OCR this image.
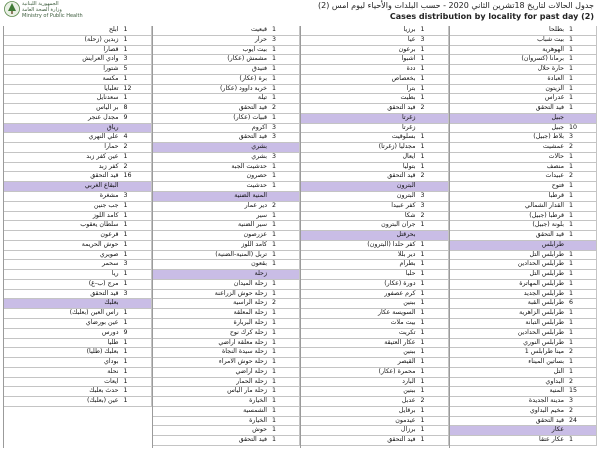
الجمهورية اللبنانية
وزارة الصحة العامة
Ministry of Public Health
جدول الحالات لتاريخ 18تشرين الثاني 2020 - حسب البلدات والأحياء ليوم امس (2)
Cases distribution by locality for past day (2)
بطلحا 1
بيت شباب 1
الهوهرية 1
برمانا (كسروان) 1
حارة حلال 1
العبادة 1
الزيتون 1
غدراس 1
فيد التحقق 1
جبيل
جبيل 10
بلاط (جبيل) 3
عمشيت 2
حالات 1
منصف 1
عبيدات 2
فتوح 1
قرطبا 1
القدار الشمالي 1
قرطبا (جبيل) 1
بلونة (جبيل) 1
قيد التحقق 1
طرابلس
طرابلس التل 1
طرابلس الحدادين 1
طرابلس التل 1
طرابلس المهاترة 1
طرابلس الجديد 1
طرابلس القبة 6
طرابلس الزاهرية 1
طرابلس التبانة 1
طرابلس الحدادين 1
طرابلس النوري 1
مينا طرابلس 1 2
بساتين الميناء 1
التل 1
البداوي 2
المنية 15
مدينة الجديدة 3
مخيم البداوي 2
قيد التحقق 24
عكار
عكار عتقا 1
برزيا 1
عيا 3
برعون 1
اشبوا 1
ددة 1
بخعصاص 1
بترا 1
بطيت 1
فيد التحقق 2
زغرتا
زغرتا
بسلوقيت 1
مجدليا (زغرتا) 1
ايعال 1
بتوليا 1
قيد التحقق 2
البترون
البترون 3
كفر عبيدا 3
شكا 2
جران البترون 1
بحرقتل
كفر حلدا (البترون) 1
دير بللا 1
بطرام 1
حلبا 1
دورة (عكار) 1
كرم عصفور 1
ببنين 1
السويسة عكار 1
بيت ملات 1
تكريت 1
عكار العتيقة 1
ببنين 1
القيصر 1
محمرة (عكار) 1
البارد 1
ببنين 1
عدبل 2
برقايل 1
عيدمون 1
برزال 1
فيد التحقق 1
قبعيت 1
حرار 3
بيت أيوب 1
مشمش (عكار) 1
فنيدق 1
برة (عكار) 1
خربة داوود (عكار) 1
تيلة 1
فيد التحقق 2
قبيات (عكار) 1
اكروم 3
فيد التحقق 3
بشري
بشري 3
حدشيت الجبة 1
حصرون 1
حدشيت 1
المنية الضنية
دير عمار 2
سير 1
سير الضنية 1
عزرصون 1
كامد اللوز 1
تربل (المنية-الضنية) 1
بقعون 1
زحلة
زحلة الميدان 1
زحلة حوش الزراعنة 1
زحلة الراسية 2
زحلة المعلقة 1
زحلة البربارة 1
زحلة كرك نوح 1
زحلة معلقة أراضي 1
زحلة سيدة النجاة 1
زحلة حوش الامراء 1
زحلة أراضي 1
زحلة الحمار 1
زحلة مار الياس 1
الخيارة 1
الشمسية 1
الخيارة 1
حوش 1
فيد التحقق 1
ابلح 1
زبدين (زحلة) 1
قصارا 1
وادي العرايش 3
شتورا 5
مكسة 1
تعلبايا 12
سعدنايل 1
بر الياس 8
مجدل عنجر 9
رياق
علي النهري 4
حمارا 2
عين كفر زبد 1
كفر زبد 2
قيد التحقق 16
البقاع الغربي
مشغرة 3
جب جنين 1
كامد اللوز 1
سلطان يعقوب 1
قرعون 1
حوش الحريمة 1
صويري 1
سحمر 3
ريا 1
مرج (ب-غ) 1
قيد التحقق 3
بعلبك
راس العين (بعلبك) 1
عين بورضاي 1
دورس 9
طليا 1
بعلبك (طليا) 1
بوداي 1
نحلة 1
ايعات 1
حدث بعلبك 1
عين (بعلبك) 1
